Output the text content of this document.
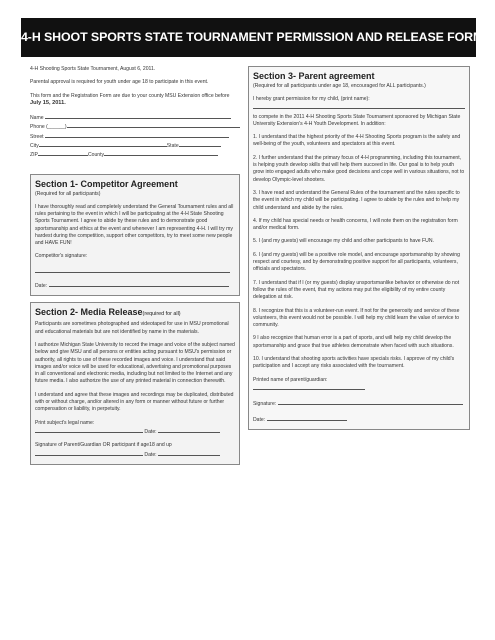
4-H SHOOT SPORTS STATE TOURNAMENT PERMISSION AND RELEASE FORM
4-H Shooting Sports State Tournament, August 6, 2011.
Parental approval is required for youth under age 18 to participate in this event.
This form and the Registration Form are due to your county MSU Extension office before July 15, 2011.
Name
Phone (______)
Street
City	State
ZIP	County
Section 1- Competitor Agreement
(Required for all participants)
I have thoroughly read and completely understand the General Tournament rules and all rules pertaining to the event in which I will be participating at the 4-H State Shooting Sports Tournament. I agree to abide by these rules and to demonstrate good sportsmanship and ethics at the event and whenever I am representing 4-H. I will try my hardest during the competition, support other competitors, try to meet some new people and HAVE FUN!
Competitor's signature:
Date:
Section 2- Media Release(required for all)
Participants are sometimes photographed and videotaped for use in MSU promotional and educational materials but are not identified by name in the materials.
I authorize Michigan State University to record the image and voice of the subject named below and give MSU and all persons or entities acting pursuant to MSU's permission or authority, all rights to use of these recorded images and voice. I understand that said images and/or voice will be used for educational, advertising and promotional purposes in all conventional and electronic media, including but not limited to the Internet and any future media. I also authorize the use of any printed material in connection therewith.
I understand and agree that these images and recordings may be duplicated, distributed with or without charge, and/or altered in any form or manner without future or further compensation or liability, in perpetuity.
Print subject's legal name:
Date:
Signature of Parent/Guardian OR participant if age18 and up
Date:
Section 3- Parent agreement
(Required for all participants under age 18, encouraged for ALL participants.)
I hereby grant permission for my child, (print name):
to compete in the 2011 4-H Shooting Sports State Tournament sponsored by Michigan State University Extension's 4-H Youth Development. In addition:
1. I understand that the highest priority of the 4-H Shooting Sports program is the safety and well-being of the youth, volunteers and spectators at this event.
2. I further understand that the primary focus of 4-H programming, including this tournament, is helping youth develop skills that will help them succeed in life. Our goal is to help youth grow into engaged adults who make good decisions and cope well in various situations, not to develop Olympic-level shooters.
3. I have read and understand the General Rules of the tournament and the rules specific to the event in which my child will be participating. I agree to abide by the rules and to help my child understand and abide by the rules.
4. If my child has special needs or health concerns, I will note them on the registration form and/or medical form.
5. I (and my guests) will encourage my child and other participants to have FUN.
6. I (and my guests) will be a positive role model, and encourage sportsmanship by showing respect and courtesy, and by demonstrating positive support for all participants, volunteers, officials and spectators.
7. I understand that if I (or my guests) display unsportsmanlike behavior or otherwise do not follow the rules of the event, that my actions may put the eligibility of my entire county delegation at risk.
8. I recognize that this is a volunteer-run event. If not for the generosity and service of these volunteers, this event would not be possible. I will help my child learn the value of service to community.
9 I also recognize that human error is a part of sports, and will help my child develop the sportsmanship and grace that true athletes demonstrate when faced with such situations.
10. I understand that shooting sports activities have specials risks. I approve of my child's participation and I accept any risks associated with the tournament.
Printed name of parent/guardian:
Signature:
Date:
